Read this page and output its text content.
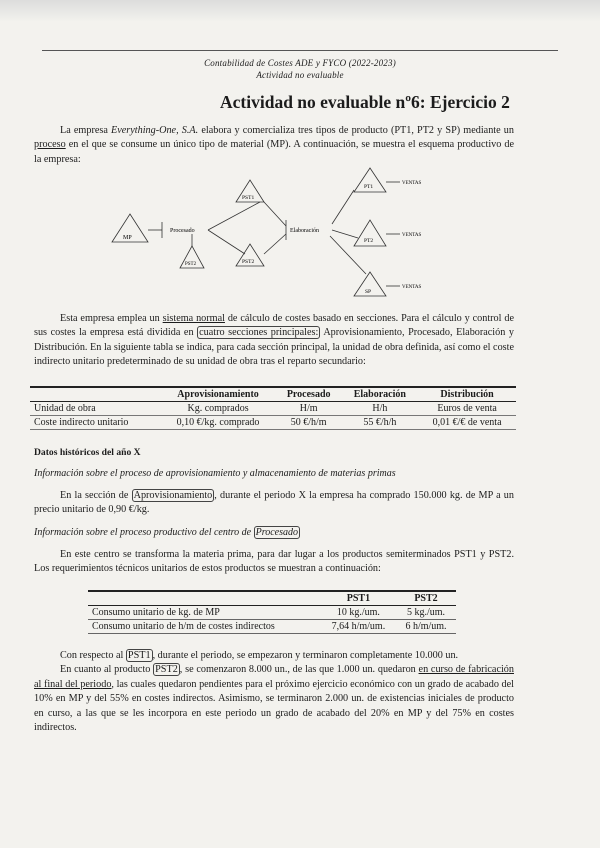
Contabilidad de Costes ADE y FYCO (2022-2023)
Actividad no evaluable
Actividad no evaluable nº6: Ejercicio 2
La empresa Everything-One, S.A. elabora y comercializa tres tipos de producto (PT1, PT2 y SP) mediante un proceso en el que se consume un único tipo de material (MP). A continuación, se muestra el esquema productivo de la empresa:
MP
Procesado
PST1
PST2
PST2
Elaboración
PT1
PT2
SP
VENTAS
VENTAS
VENTAS
Esta empresa emplea un sistema normal de cálculo de costes basado en secciones. Para el cálculo y control de sus costes la empresa está dividida en cuatro secciones principales: Aprovisionamiento, Procesado, Elaboración y Distribución. En la siguiente tabla se indica, para cada sección principal, la unidad de obra definida, así como el coste indirecto unitario predeterminado de su unidad de obra tras el reparto secundario:
	Aprovisionamiento	Procesado	Elaboración	Distribución
Unidad de obra	Kg. comprados	H/m	H/h	Euros de venta
Coste indirecto unitario	0,10 €/kg. comprado	50 €/h/m	55 €/h/h	0,01 €/€ de venta
Datos históricos del año X
Información sobre el proceso de aprovisionamiento y almacenamiento de materias primas
En la sección de Aprovisionamiento , durante el periodo X la empresa ha comprado 150.000 kg. de MP a un precio unitario de 0,90 €/kg.
Información sobre el proceso productivo del centro de Procesado
En este centro se transforma la materia prima, para dar lugar a los productos semiterminados PST1 y PST2. Los requerimientos técnicos unitarios de estos productos se muestran a continuación:
	PST1	PST2
Consumo unitario de kg. de MP	10 kg./um.	5 kg./um.
Consumo unitario de h/m de costes indirectos	7,64 h/m/um.	6 h/m/um.
Con respecto al PST1 , durante el periodo, se empezaron y terminaron completamente 10.000 un.
En cuanto al producto PST2 , se comenzaron 8.000 un., de las que 1.000 un. quedaron en curso de fabricación al final del periodo, las cuales quedaron pendientes para el próximo ejercicio económico con un grado de acabado del 10% en MP y del 55% en costes indirectos. Asimismo, se terminaron 2.000 un. de existencias iniciales de producto en curso, a las que se les incorpora en este periodo un grado de acabado del 20% en MP y del 75% en costes indirectos.
